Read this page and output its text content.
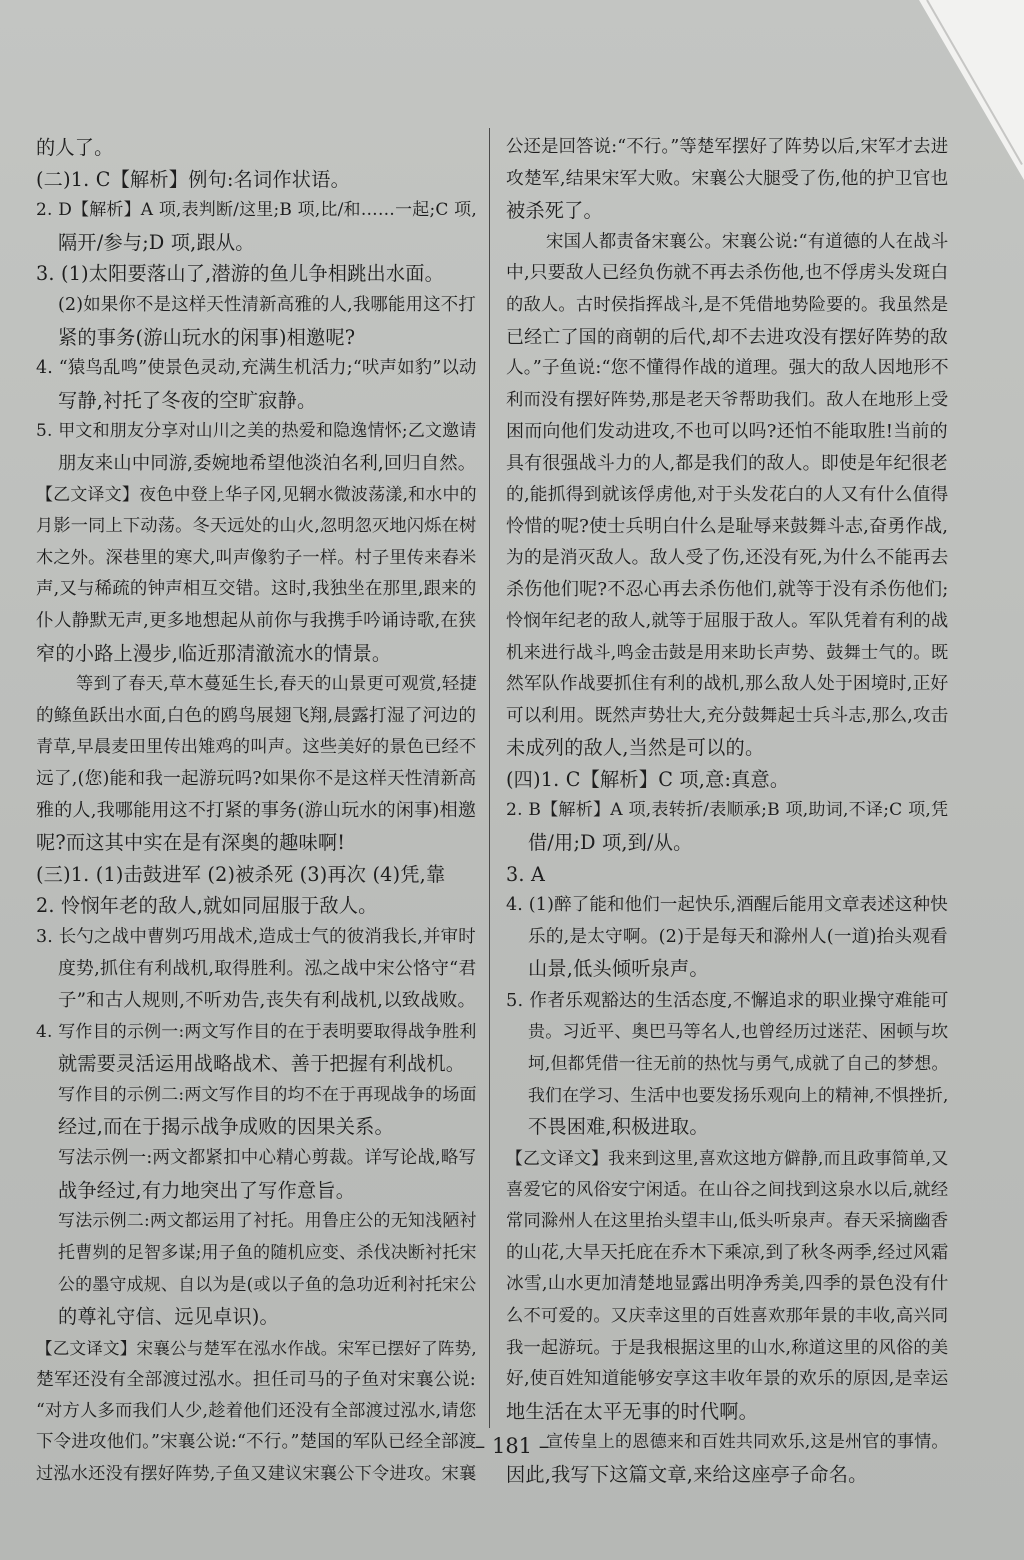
的人了。
(二)1. C【解析】例句:名词作状语。
2. D【解析】A 项,表判断/这里;B 项,比/和……一起;C 项,
隔开/参与;D 项,跟从。
3. (1)太阳要落山了,潜游的鱼儿争相跳出水面。
(2)如果你不是这样天性清新高雅的人,我哪能用这不打
紧的事务(游山玩水的闲事)相邀呢?
4. “猿鸟乱鸣”使景色灵动,充满生机活力;“吠声如豹”以动
写静,衬托了冬夜的空旷寂静。
5. 甲文和朋友分享对山川之美的热爱和隐逸情怀;乙文邀请
朋友来山中同游,委婉地希望他淡泊名利,回归自然。
【乙文译文】夜色中登上华子冈,见辋水微波荡漾,和水中的
月影一同上下动荡。冬天远处的山火,忽明忽灭地闪烁在树
木之外。深巷里的寒犬,叫声像豹子一样。村子里传来舂米
声,又与稀疏的钟声相互交错。这时,我独坐在那里,跟来的
仆人静默无声,更多地想起从前你与我携手吟诵诗歌,在狭
窄的小路上漫步,临近那清澈流水的情景。
等到了春天,草木蔓延生长,春天的山景更可观赏,轻捷
的鲦鱼跃出水面,白色的鸥鸟展翅飞翔,晨露打湿了河边的
青草,早晨麦田里传出雉鸡的叫声。这些美好的景色已经不
远了,(您)能和我一起游玩吗?如果你不是这样天性清新高
雅的人,我哪能用这不打紧的事务(游山玩水的闲事)相邀
呢?而这其中实在是有深奥的趣味啊!
(三)1. (1)击鼓进军 (2)被杀死 (3)再次 (4)凭,靠
2. 怜悯年老的敌人,就如同屈服于敌人。
3. 长勺之战中曹刿巧用战术,造成士气的彼消我长,并审时
度势,抓住有利战机,取得胜利。泓之战中宋公恪守“君
子”和古人规则,不听劝告,丧失有利战机,以致战败。
4. 写作目的示例一:两文写作目的在于表明要取得战争胜利
就需要灵活运用战略战术、善于把握有利战机。
写作目的示例二:两文写作目的均不在于再现战争的场面
经过,而在于揭示战争成败的因果关系。
写法示例一:两文都紧扣中心精心剪裁。详写论战,略写
战争经过,有力地突出了写作意旨。
写法示例二:两文都运用了衬托。用鲁庄公的无知浅陋衬
托曹刿的足智多谋;用子鱼的随机应变、杀伐决断衬托宋
公的墨守成规、自以为是(或以子鱼的急功近利衬托宋公
的尊礼守信、远见卓识)。
【乙文译文】宋襄公与楚军在泓水作战。宋军已摆好了阵势,
楚军还没有全部渡过泓水。担任司马的子鱼对宋襄公说:
“对方人多而我们人少,趁着他们还没有全部渡过泓水,请您
下令进攻他们。”宋襄公说:“不行。”楚国的军队已经全部渡
过泓水还没有摆好阵势,子鱼又建议宋襄公下令进攻。宋襄
公还是回答说:“不行。”等楚军摆好了阵势以后,宋军才去进
攻楚军,结果宋军大败。宋襄公大腿受了伤,他的护卫官也
被杀死了。
宋国人都责备宋襄公。宋襄公说:“有道德的人在战斗
中,只要敌人已经负伤就不再去杀伤他,也不俘虏头发斑白
的敌人。古时侯指挥战斗,是不凭借地势险要的。我虽然是
已经亡了国的商朝的后代,却不去进攻没有摆好阵势的敌
人。”子鱼说:“您不懂得作战的道理。强大的敌人因地形不
利而没有摆好阵势,那是老天爷帮助我们。敌人在地形上受
困而向他们发动进攻,不也可以吗?还怕不能取胜!当前的
具有很强战斗力的人,都是我们的敌人。即使是年纪很老
的,能抓得到就该俘虏他,对于头发花白的人又有什么值得
怜惜的呢?使士兵明白什么是耻辱来鼓舞斗志,奋勇作战,
为的是消灭敌人。敌人受了伤,还没有死,为什么不能再去
杀伤他们呢?不忍心再去杀伤他们,就等于没有杀伤他们;
怜悯年纪老的敌人,就等于屈服于敌人。军队凭着有利的战
机来进行战斗,鸣金击鼓是用来助长声势、鼓舞士气的。既
然军队作战要抓住有利的战机,那么敌人处于困境时,正好
可以利用。既然声势壮大,充分鼓舞起士兵斗志,那么,攻击
未成列的敌人,当然是可以的。
(四)1. C【解析】C 项,意:真意。
2. B【解析】A 项,表转折/表顺承;B 项,助词,不译;C 项,凭
借/用;D 项,到/从。
3. A
4. (1)醉了能和他们一起快乐,酒醒后能用文章表述这种快
乐的,是太守啊。(2)于是每天和滁州人(一道)抬头观看
山景,低头倾听泉声。
5. 作者乐观豁达的生活态度,不懈追求的职业操守难能可
贵。习近平、奥巴马等名人,也曾经历过迷茫、困顿与坎
坷,但都凭借一往无前的热忱与勇气,成就了自己的梦想。
我们在学习、生活中也要发扬乐观向上的精神,不惧挫折,
不畏困难,积极进取。
【乙文译文】我来到这里,喜欢这地方僻静,而且政事简单,又
喜爱它的风俗安宁闲适。在山谷之间找到这泉水以后,就经
常同滁州人在这里抬头望丰山,低头听泉声。春天采摘幽香
的山花,大旱天托庇在乔木下乘凉,到了秋冬两季,经过风霜
冰雪,山水更加清楚地显露出明净秀美,四季的景色没有什
么不可爱的。又庆幸这里的百姓喜欢那年景的丰收,高兴同
我一起游玩。于是我根据这里的山水,称道这里的风俗的美
好,使百姓知道能够安享这丰收年景的欢乐的原因,是幸运
地生活在太平无事的时代啊。
宣传皇上的恩德来和百姓共同欢乐,这是州官的事情。
因此,我写下这篇文章,来给这座亭子命名。
– 181 –
